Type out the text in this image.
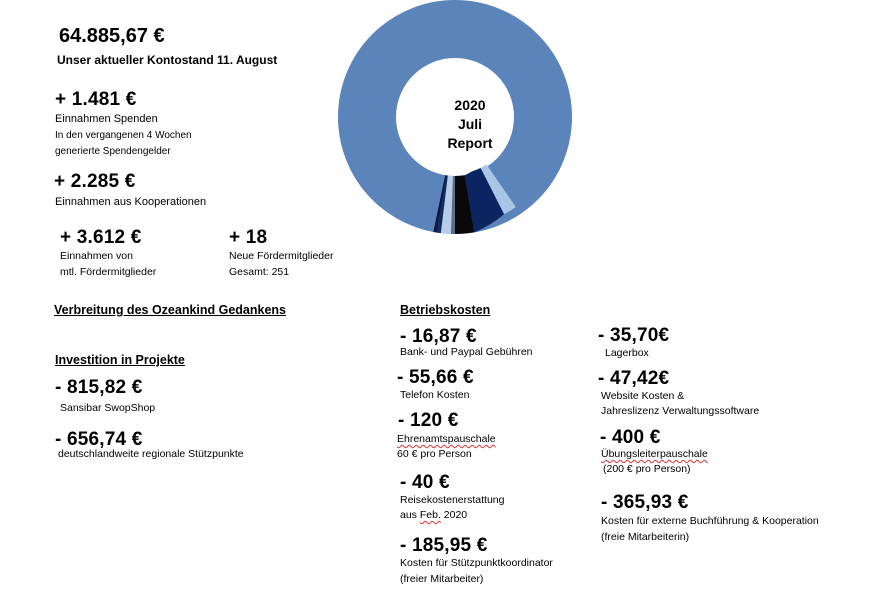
64.885,67 €
Unser aktueller Kontostand 11. August
+ 1.481 €
Einnahmen Spenden
In den vergangenen 4 Wochen
generierte Spendengelder
+ 2.285 €
Einnahmen aus Kooperationen
+ 3.612 €
Einnahmen von
mtl. Fördermitglieder
+ 18
Neue Fördermitglieder
Gesamt: 251
2020
Juli
Report
Verbreitung des Ozeankind Gedankens
Investition in Projekte
- 815,82 €
Sansibar SwopShop
- 656,74 €
deutschlandweite regionale Stützpunkte
Betriebskosten
- 16,87 €
Bank- und Paypal Gebühren
- 55,66 €
Telefon Kosten
- 120 €
Ehrenamtspauschale
60 € pro Person
- 40 €
Reisekostenerstattung
aus Feb. 2020
- 185,95 €
Kosten für Stützpunktkoordinator
(freier Mitarbeiter)
- 35,70€
Lagerbox
- 47,42€
Website Kosten &
Jahreslizenz Verwaltungssoftware
- 400 €
Übungsleiterpauschale
(200 € pro Person)
- 365,93 €
Kosten für externe Buchführung & Kooperation
(freie Mitarbeiterin)
